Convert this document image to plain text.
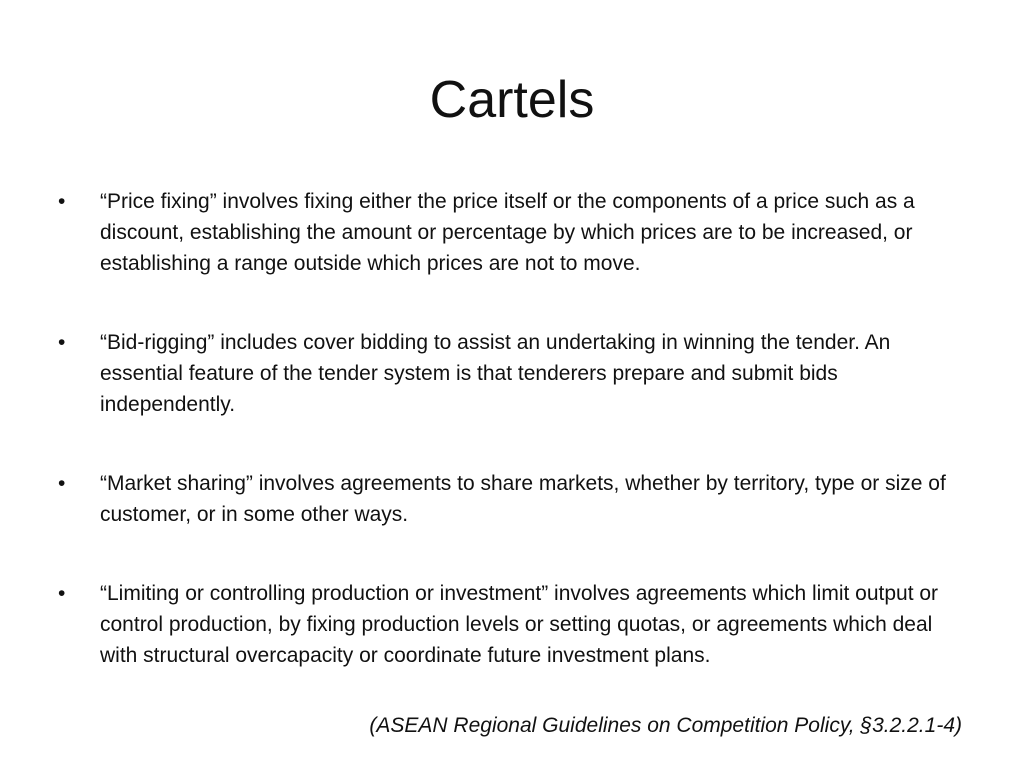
Cartels
• “Price fixing” involves fixing either the price itself or the components of a price such as a discount, establishing the amount or percentage by which prices are to be increased, or establishing a range outside which prices are not to move.
• “Bid-rigging” includes cover bidding to assist an undertaking in winning the tender. An essential feature of the tender system is that tenderers prepare and submit bids independently.
• “Market sharing” involves agreements to share markets, whether by territory, type or size of customer, or in some other ways.
• “Limiting or controlling production or investment” involves agreements which limit output or control production, by fixing production levels or setting quotas, or agreements which deal with structural overcapacity or coordinate future investment plans.
(ASEAN Regional Guidelines on Competition Policy, §3.2.2.1-4)
